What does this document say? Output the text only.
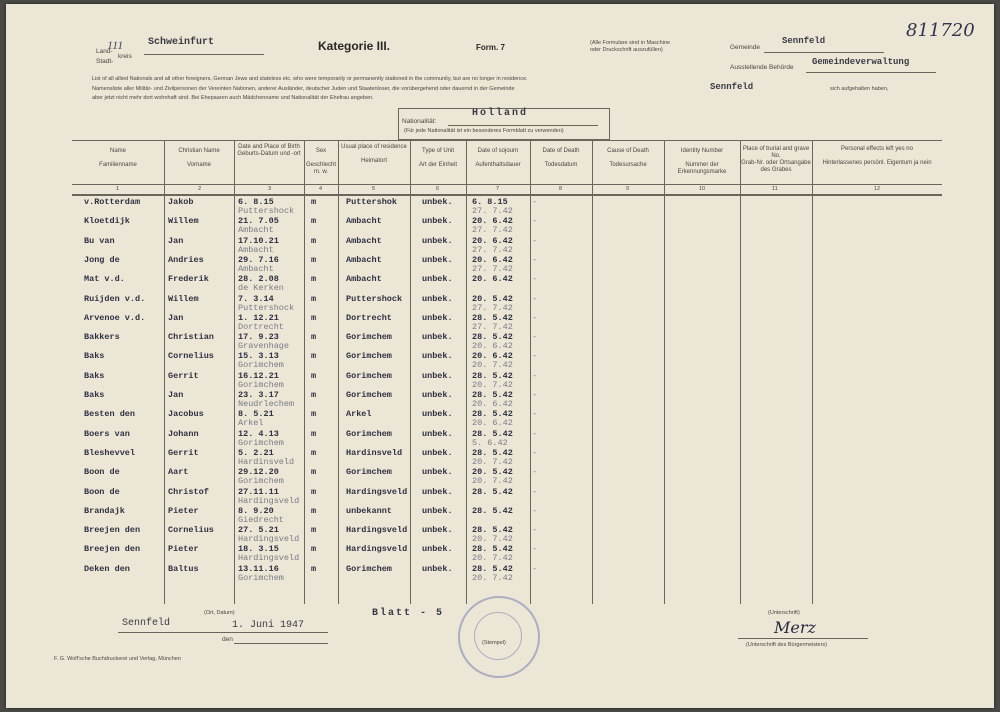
811720
Land-
Stadt-
kreis
111 Schweinfurt	Kategorie III.	Form. 7	(Alle Formulare sind in Maschine
oder Druckschrift auszufüllen)	Gemeinde
Sennfeld
Ausstellende Behörde
Gemeindeverwaltung
List of all allied Nationals and all other foreigners, German Jews and stateless etc. who were temporarily or permanently stationed in the community, but are no longer in residence.
Namensliste aller Militär- und Zivilpersonen der Vereinten Nationen, anderer Ausländer, deutscher Juden und Staatenloser, die vorübergehend oder dauernd in der Gemeinde	Sennfeld	sich aufgehalten haben,
aber jetzt nicht mehr dort wohnhaft sind. Bei Ehepaaren auch Mädchenname und Nationalität der Ehefrau angeben.
Holland
Nationalität:
(Für jede Nationalität ist ein besonderes Formblatt zu verwenden)
Name

Familienname
Christian Name

Vorname
Date and Place of Birth
Geburts-Datum und -ort	Sex

Geschlecht m. w.
Usual place of residence

Heimatort
Type of Unit

Art der Einheit
Date of sojourn

Aufenthaltsdauer
Date of Death

Todesdatum
Cause of Death

Todesursache
Identity Number

Nummer der Erkennungsmarke
Place of burial and grave No.
Grab-Nr. oder Ortsangabe des Grabes
Personal effects left yes no

Hinterlassenes persönl. Eigentum ja nein
1	2	3	4	5	6	7	8	9	10	11	12
v.Rotterdam	Jakob	6. 8.15
Puttershock
m	Puttershok	unbek. 6. 8.15
27. 7.42
-
Kloetdijk	Willem	21. 7.05
Ambacht
m	Ambacht	unbek. 20. 6.42
27. 7.42
-
Bu van	Jan	17.10.21
Ambacht
m	Ambacht	unbek. 20. 6.42
27. 7.42
-
Jong de	Andries	29. 7.16
Ambacht
m	Ambacht	unbek. 20. 6.42
27. 7.42
-
Mat v.d.	Frederik	28. 2.08
de Kerken
m	Ambacht	unbek. 20. 6.42 -
Ruijden v.d.	Willem	7. 3.14
Puttershock
m	Puttershock unbek. 20. 5.42
27. 7.42
-
Arvenoe v.d.	Jan	1. 12.21
Dortrecht
m	Dortrecht	unbek. 28. 5.42
27. 7.42
-
Bakkers	Christian	17. 9.23
Gravenhage
m	Gorimchem	unbek. 28. 5.42
20. 6.42
-
Baks	Cornelius	15. 3.13
Gorimchem
m	Gorimchem	unbek. 20. 6.42
20. 7.42
-
Baks	Gerrit	16.12.21
Gorimchem
m	Gorimchem	unbek. 28. 5.42
20. 7.42
-
Baks	Jan	23. 3.17
Neudrlechem
m	Gorimchem	unbek. 28. 5.42
20. 6.42
-
Besten den	Jacobus	8. 5.21
Arkel
m	Arkel	unbek. 28. 5.42
20. 6.42
-
Boers van	Johann	12. 4.13
Gorimchem
m	Gorimchem	unbek. 28. 5.42
5. 6.42
-
Bleshevvel	Gerrit	5. 2.21
Hardinsveld
m	Hardinsveld unbek. 28. 5.42
20. 7.42
-
Boon de	Aart	29.12.20
Gorimchem
m	Gorimchem	unbek. 20. 5.42
20. 7.42
-
Boon de	Christof	27.11.11
Hardingsveld
m	Hardingsveld unbek. 28. 5.42 -
Brandajk	Pieter	8. 9.20
Giedrecht
m	unbekannt	unbek. 28. 5.42 -
Breejen den	Cornelius	27. 5.21
Hardingsveld
m	Hardingsveld unbek. 28. 5.42
20. 7.42
-
Breejen den	Pieter	18. 3.15
Hardingsveld
m	Hardingsveld unbek. 28. 5.42
20. 7.42
-
Deken den	Baltus	13.11.16
Gorimchem
m	Gorimchem	unbek. 28. 5.42
20. 7.42
-
(Ort, Datum)
Sennfeld	1. Juni 1947
den
Blatt - 5
(Stempel)
(Unterschrift)
Merz
(Unterschrift des Bürgermeisters)
F. G. Wolf'sche Buchdruckerei und Verlag, München
